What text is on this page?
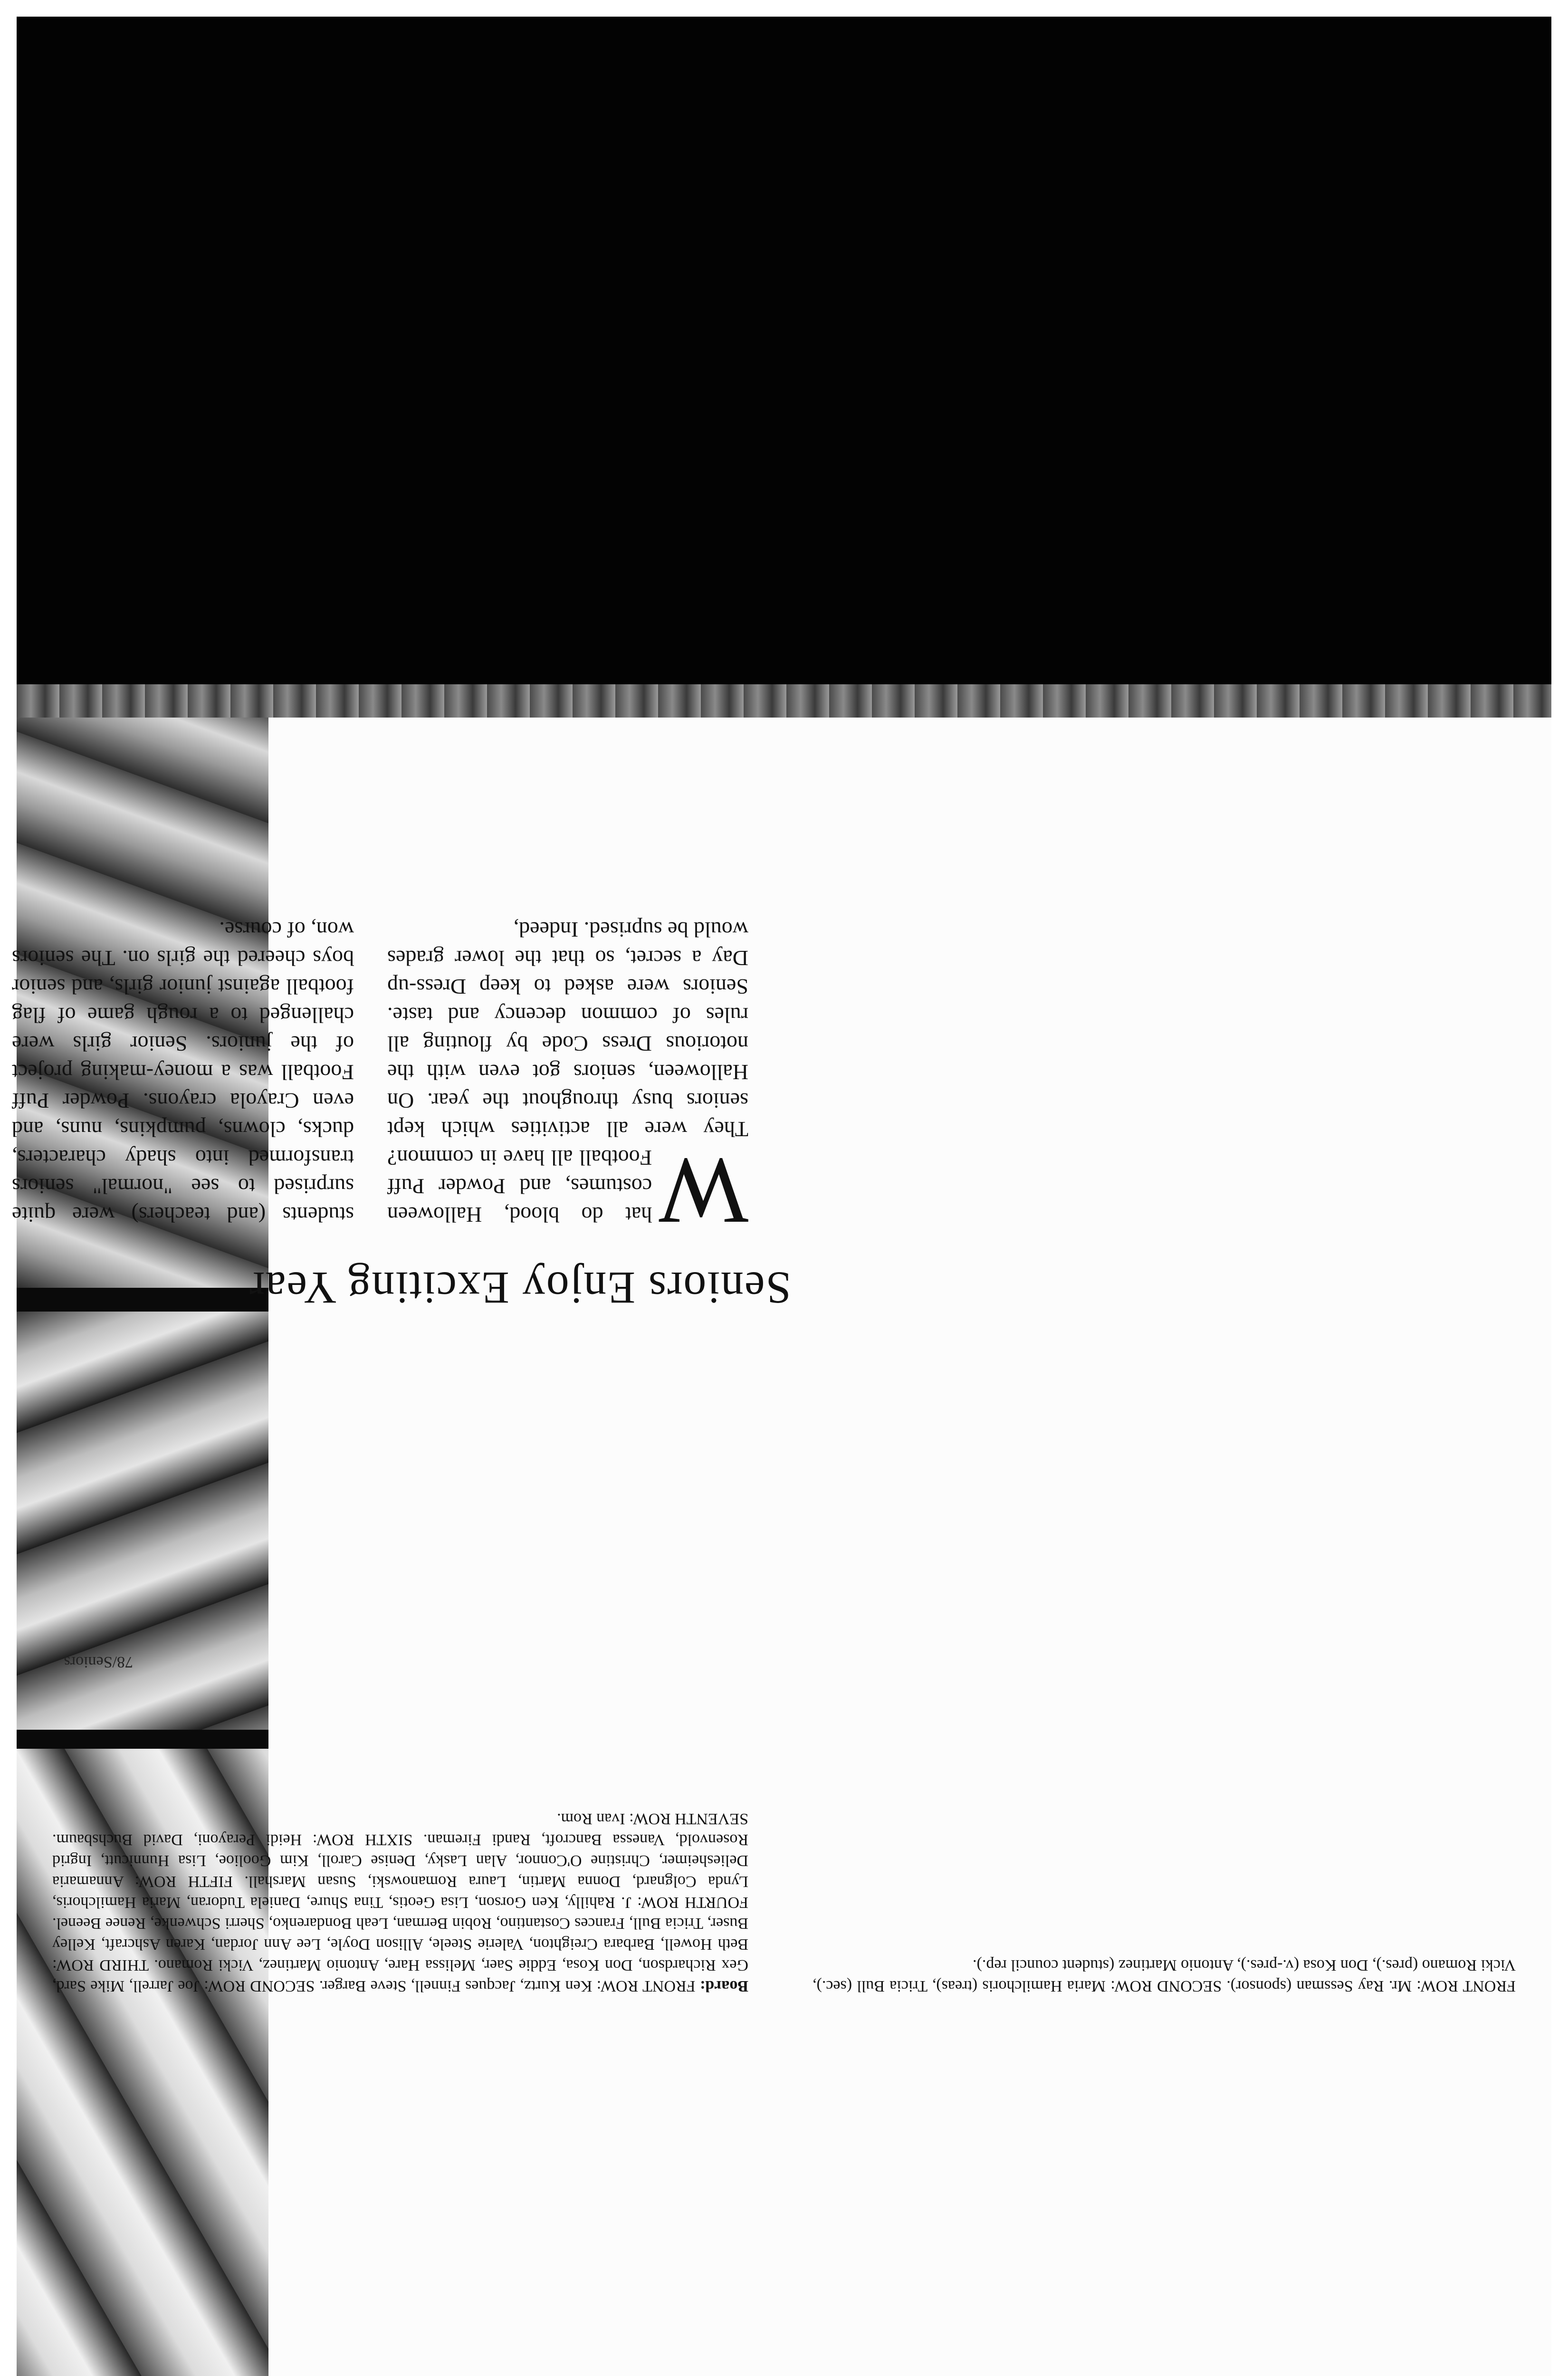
FRONT ROW: Mr. Ray Sessman (sponsor). SECOND ROW: Maria Hamilchoris (treas), Tricia Bull (sec.), Vicki Romano (pres.), Don Kosa (v.-pres.), Antonio Martinez (student council rep.).
Board: FRONT ROW: Ken Kurtz, Jacques Finnell, Steve Barger. SECOND ROW: Joe Jarrell, Mike Sard, Gex Richardson, Don Kosa, Eddie Saer, Melissa Hare, Antonio Martinez, Vicki Romano. THIRD ROW: Beth Howell, Barbara Creighton, Valerie Steele, Allison Doyle, Lee Ann Jordan, Karen Ashcraft, Kelley Buser, Tricia Bull, Frances Costantino, Robin Berman, Leah Bondarenko, Sherri Schwenke, Renee Beenel. FOURTH ROW: J. Rahilly, Ken Gorson, Lisa Geotis, Tina Shure, Daniela Tudoran, Maria Hamilchoris, Lynda Colgnard, Donna Martin, Laura Romanowski, Susan Marshall. FIFTH ROW: Annamaria Deliesheimer, Christine O'Connor, Alan Lasky, Denise Caroll, Kim Goolioe, Lisa Hunnicutt, Ingrid Rosenvold, Vanessa Bancroft, Randi Fireman. SIXTH ROW: Heidi Perayoni, David Buchsbaum. SEVENTH ROW: Ivan Rom.
78/Seniors
Seniors Enjoy Exciting Year
W
hat do blood, Halloween costumes, and Powder Puff Football all have in common? They were all activities which kept seniors busy throughout the year. On Halloween, seniors got even with the notorious Dress Code by flouting all rules of common decency and taste. Seniors were asked to keep Dress-up Day a secret, so that the lower grades would be suprised. Indeed,
students (and teachers) were quite surprised to see "normal" seniors transformed into shady characters, ducks, clowns, pumpkins, nuns, and even Crayola crayons. Powder Puff Football was a money-making project of the juniors. Senior girls were challenged to a rough game of flag football against junior girls, and senior boys cheered the girls on. The seniors won, of course.
